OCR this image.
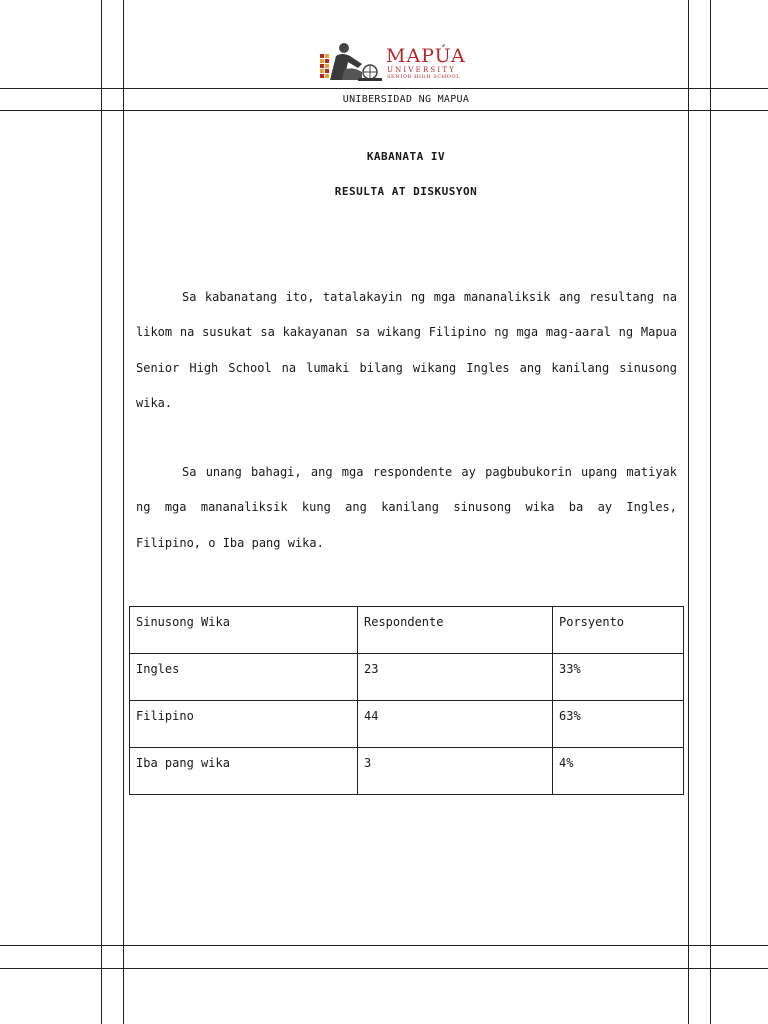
MAPÚA
UNIVERSITY
SENIOR HIGH SCHOOL
UNIBERSIDAD NG MAPUA
KABANATA IV
RESULTA AT DISKUSYON

Sa kabanatang ito, tatalakayin ng mga mananaliksik ang resultang na likom na susukat sa kakayanan sa wikang Filipino ng mga mag-aaral ng Mapua Senior High School na lumaki bilang wikang Ingles ang kanilang sinusong wika.

Sa unang bahagi, ang mga respondente ay pagbubukorin upang matiyak ng mga mananaliksik kung ang kanilang sinusong wika ba ay Ingles, Filipino, o Iba pang wika.

Sinusong Wika	Respondente	Porsyento
Ingles	23	33%
Filipino	44	63%
Iba pang wika	3	4%
